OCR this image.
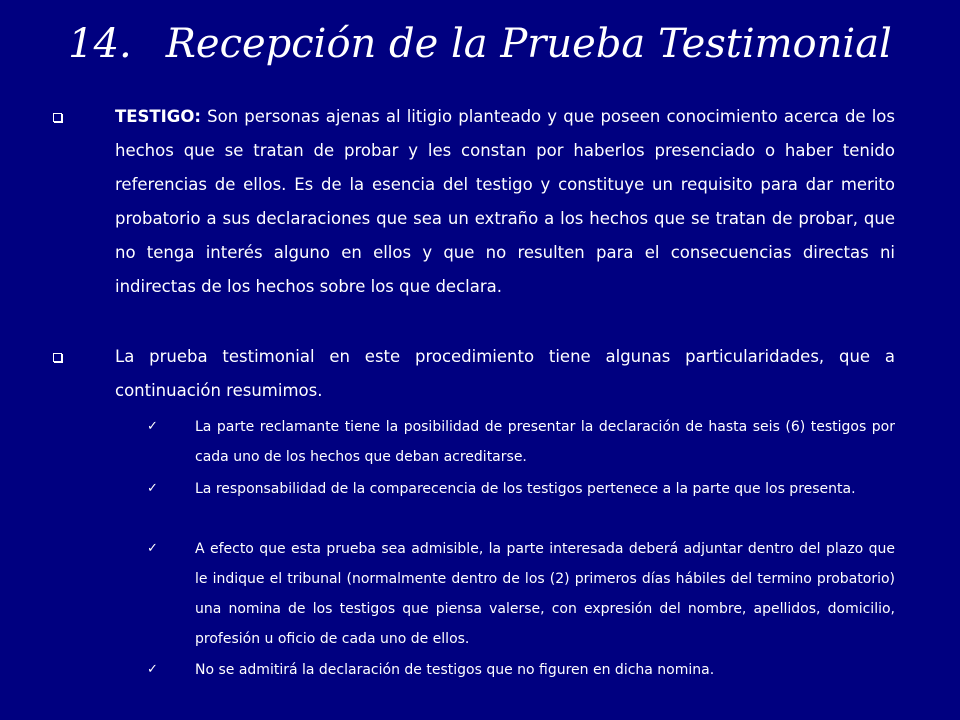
14. Recepción de la Prueba Testimonial
TESTIGO: Son personas ajenas al litigio planteado y que poseen conocimiento acerca de los hechos que se tratan de probar y les constan por haberlos presenciado o haber tenido referencias de ellos. Es de la esencia del testigo y constituye un requisito para dar merito probatorio a sus declaraciones que sea un extraño a los hechos que se tratan de probar, que no tenga interés alguno en ellos y que no resulten para el consecuencias directas ni indirectas de los hechos sobre los que declara.
La prueba testimonial en este procedimiento tiene algunas particularidades, que a continuación resumimos.
✓	La parte reclamante tiene la posibilidad de presentar la declaración de hasta seis (6) testigos por cada uno de los hechos que deban acreditarse.
✓	La responsabilidad de la comparecencia de los testigos pertenece a la parte que los presenta.
✓	A efecto que esta prueba sea admisible, la parte interesada deberá adjuntar dentro del plazo que le indique el tribunal (normalmente dentro de los (2) primeros días hábiles del termino probatorio) una nomina de los testigos que piensa valerse, con expresión del nombre, apellidos, domicilio, profesión u oficio de cada uno de ellos.
✓	No se admitirá la declaración de testigos que no figuren en dicha nomina.
